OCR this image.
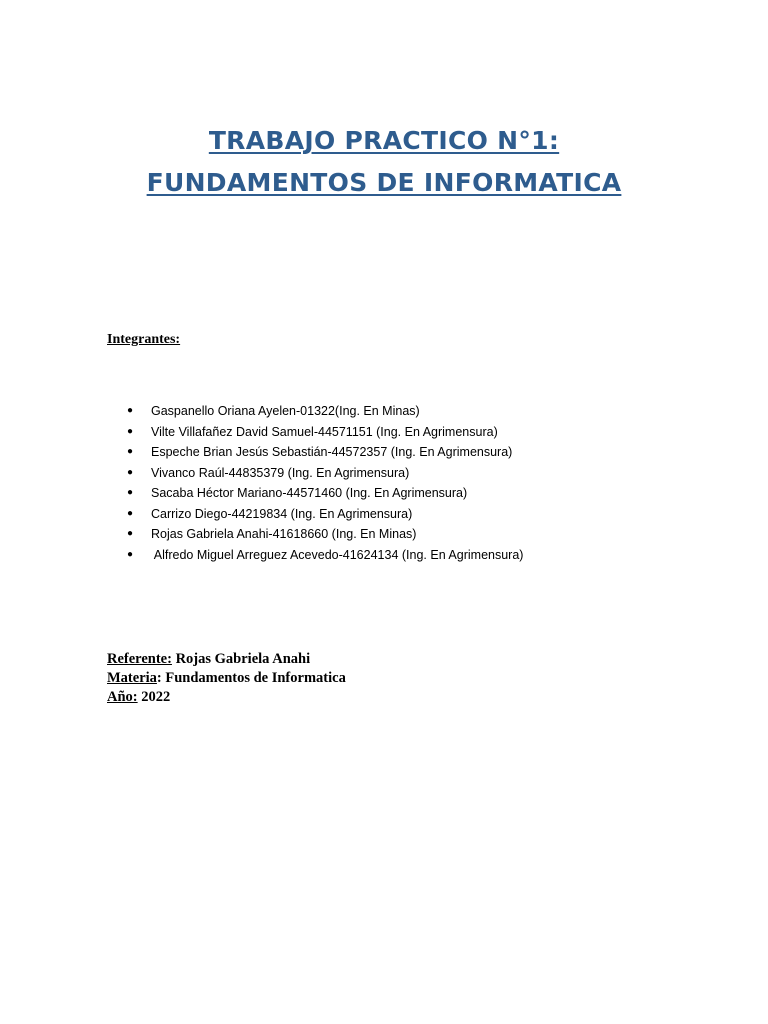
TRABAJO PRACTICO N°1:
FUNDAMENTOS DE INFORMATICA
Integrantes:
● Gaspanello Oriana Ayelen-01322(Ing. En Minas)
● Vilte Villafañez David Samuel-44571151 (Ing. En Agrimensura)
● Espeche Brian Jesús Sebastián-44572357 (Ing. En Agrimensura)
● Vivanco Raúl-44835379 (Ing. En Agrimensura)
● Sacaba Héctor Mariano-44571460 (Ing. En Agrimensura)
● Carrizo Diego-44219834 (Ing. En Agrimensura)
● Rojas Gabriela Anahi-41618660 (Ing. En Minas)
● Alfredo Miguel Arreguez Acevedo-41624134 (Ing. En Agrimensura)
Referente: Rojas Gabriela Anahi
Materia: Fundamentos de Informatica
Año: 2022
